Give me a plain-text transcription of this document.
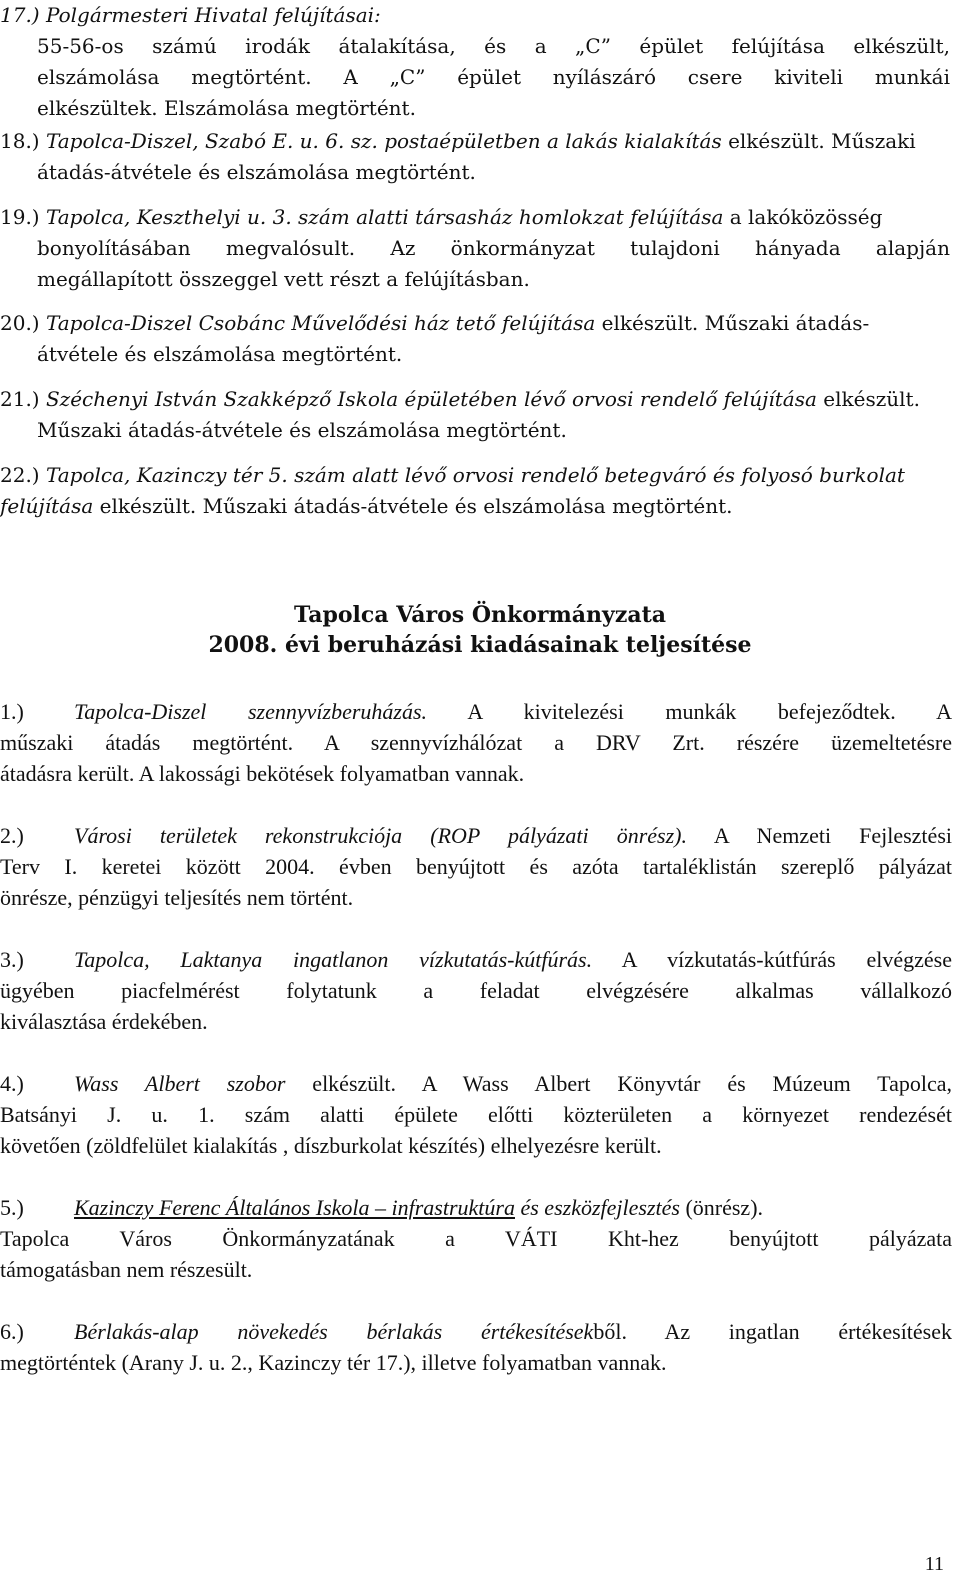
17.) Polgármesteri Hivatal felújításai:
55-56-os számú irodák átalakítása, és a „C” épület felújítása elkészült,
elszámolása megtörtént. A „C” épület nyílászáró csere kiviteli munkái
elkészültek. Elszámolása megtörtént.
18.) Tapolca-Diszel, Szabó E. u. 6. sz. postaépületben a lakás kialakítás elkészült. Műszaki
átadás-átvétele és elszámolása megtörtént.
19.) Tapolca, Keszthelyi u. 3. szám alatti társasház homlokzat felújítása a lakóközösség
bonyolításában megvalósult. Az önkormányzat tulajdoni hányada alapján
megállapított összeggel vett részt a felújításban.
20.) Tapolca-Diszel Csobánc Művelődési ház tető felújítása elkészült. Műszaki átadás-
átvétele és elszámolása megtörtént.
21.) Széchenyi István Szakképző Iskola épületében lévő orvosi rendelő felújítása elkészült.
Műszaki átadás-átvétele és elszámolása megtörtént.
22.) Tapolca, Kazinczy tér 5. szám alatt lévő orvosi rendelő betegváró és folyosó burkolat
felújítása elkészült. Műszaki átadás-átvétele és elszámolása megtörtént.
Tapolca Város Önkormányzata
2008. évi beruházási kiadásainak teljesítése
1.) Tapolca-Diszel szennyvízberuházás. A kivitelezési munkák befejeződtek. A
műszaki átadás megtörtént. A szennyvízhálózat a DRV Zrt. részére üzemeltetésre
átadásra került. A lakossági bekötések folyamatban vannak.
2.) Városi területek rekonstrukciója (ROP pályázati önrész). A Nemzeti Fejlesztési
Terv I. keretei között 2004. évben benyújtott és azóta tartaléklistán szereplő pályázat
önrésze, pénzügyi teljesítés nem történt.
3.) Tapolca, Laktanya ingatlanon vízkutatás-kútfúrás. A vízkutatás-kútfúrás elvégzése
ügyében piacfelmérést folytatunk a feladat elvégzésére alkalmas vállalkozó
kiválasztása érdekében.
4.) Wass Albert szobor elkészült. A Wass Albert Könyvtár és Múzeum Tapolca,
Batsányi J. u. 1. szám alatti épülete előtti közterületen a környezet rendezését
követően (zöldfelület kialakítás , díszburkolat készítés) elhelyezésre került.
5.) Kazinczy Ferenc Általános Iskola – infrastruktúra és eszközfejlesztés (önrész).
Tapolca Város Önkormányzatának a VÁTI Kht-hez benyújtott pályázata
támogatásban nem részesült.
6.) Bérlakás-alap növekedés bérlakás értékesítésekből. Az ingatlan értékesítések
megtörténtek (Arany J. u. 2., Kazinczy tér 17.), illetve folyamatban vannak.
11
